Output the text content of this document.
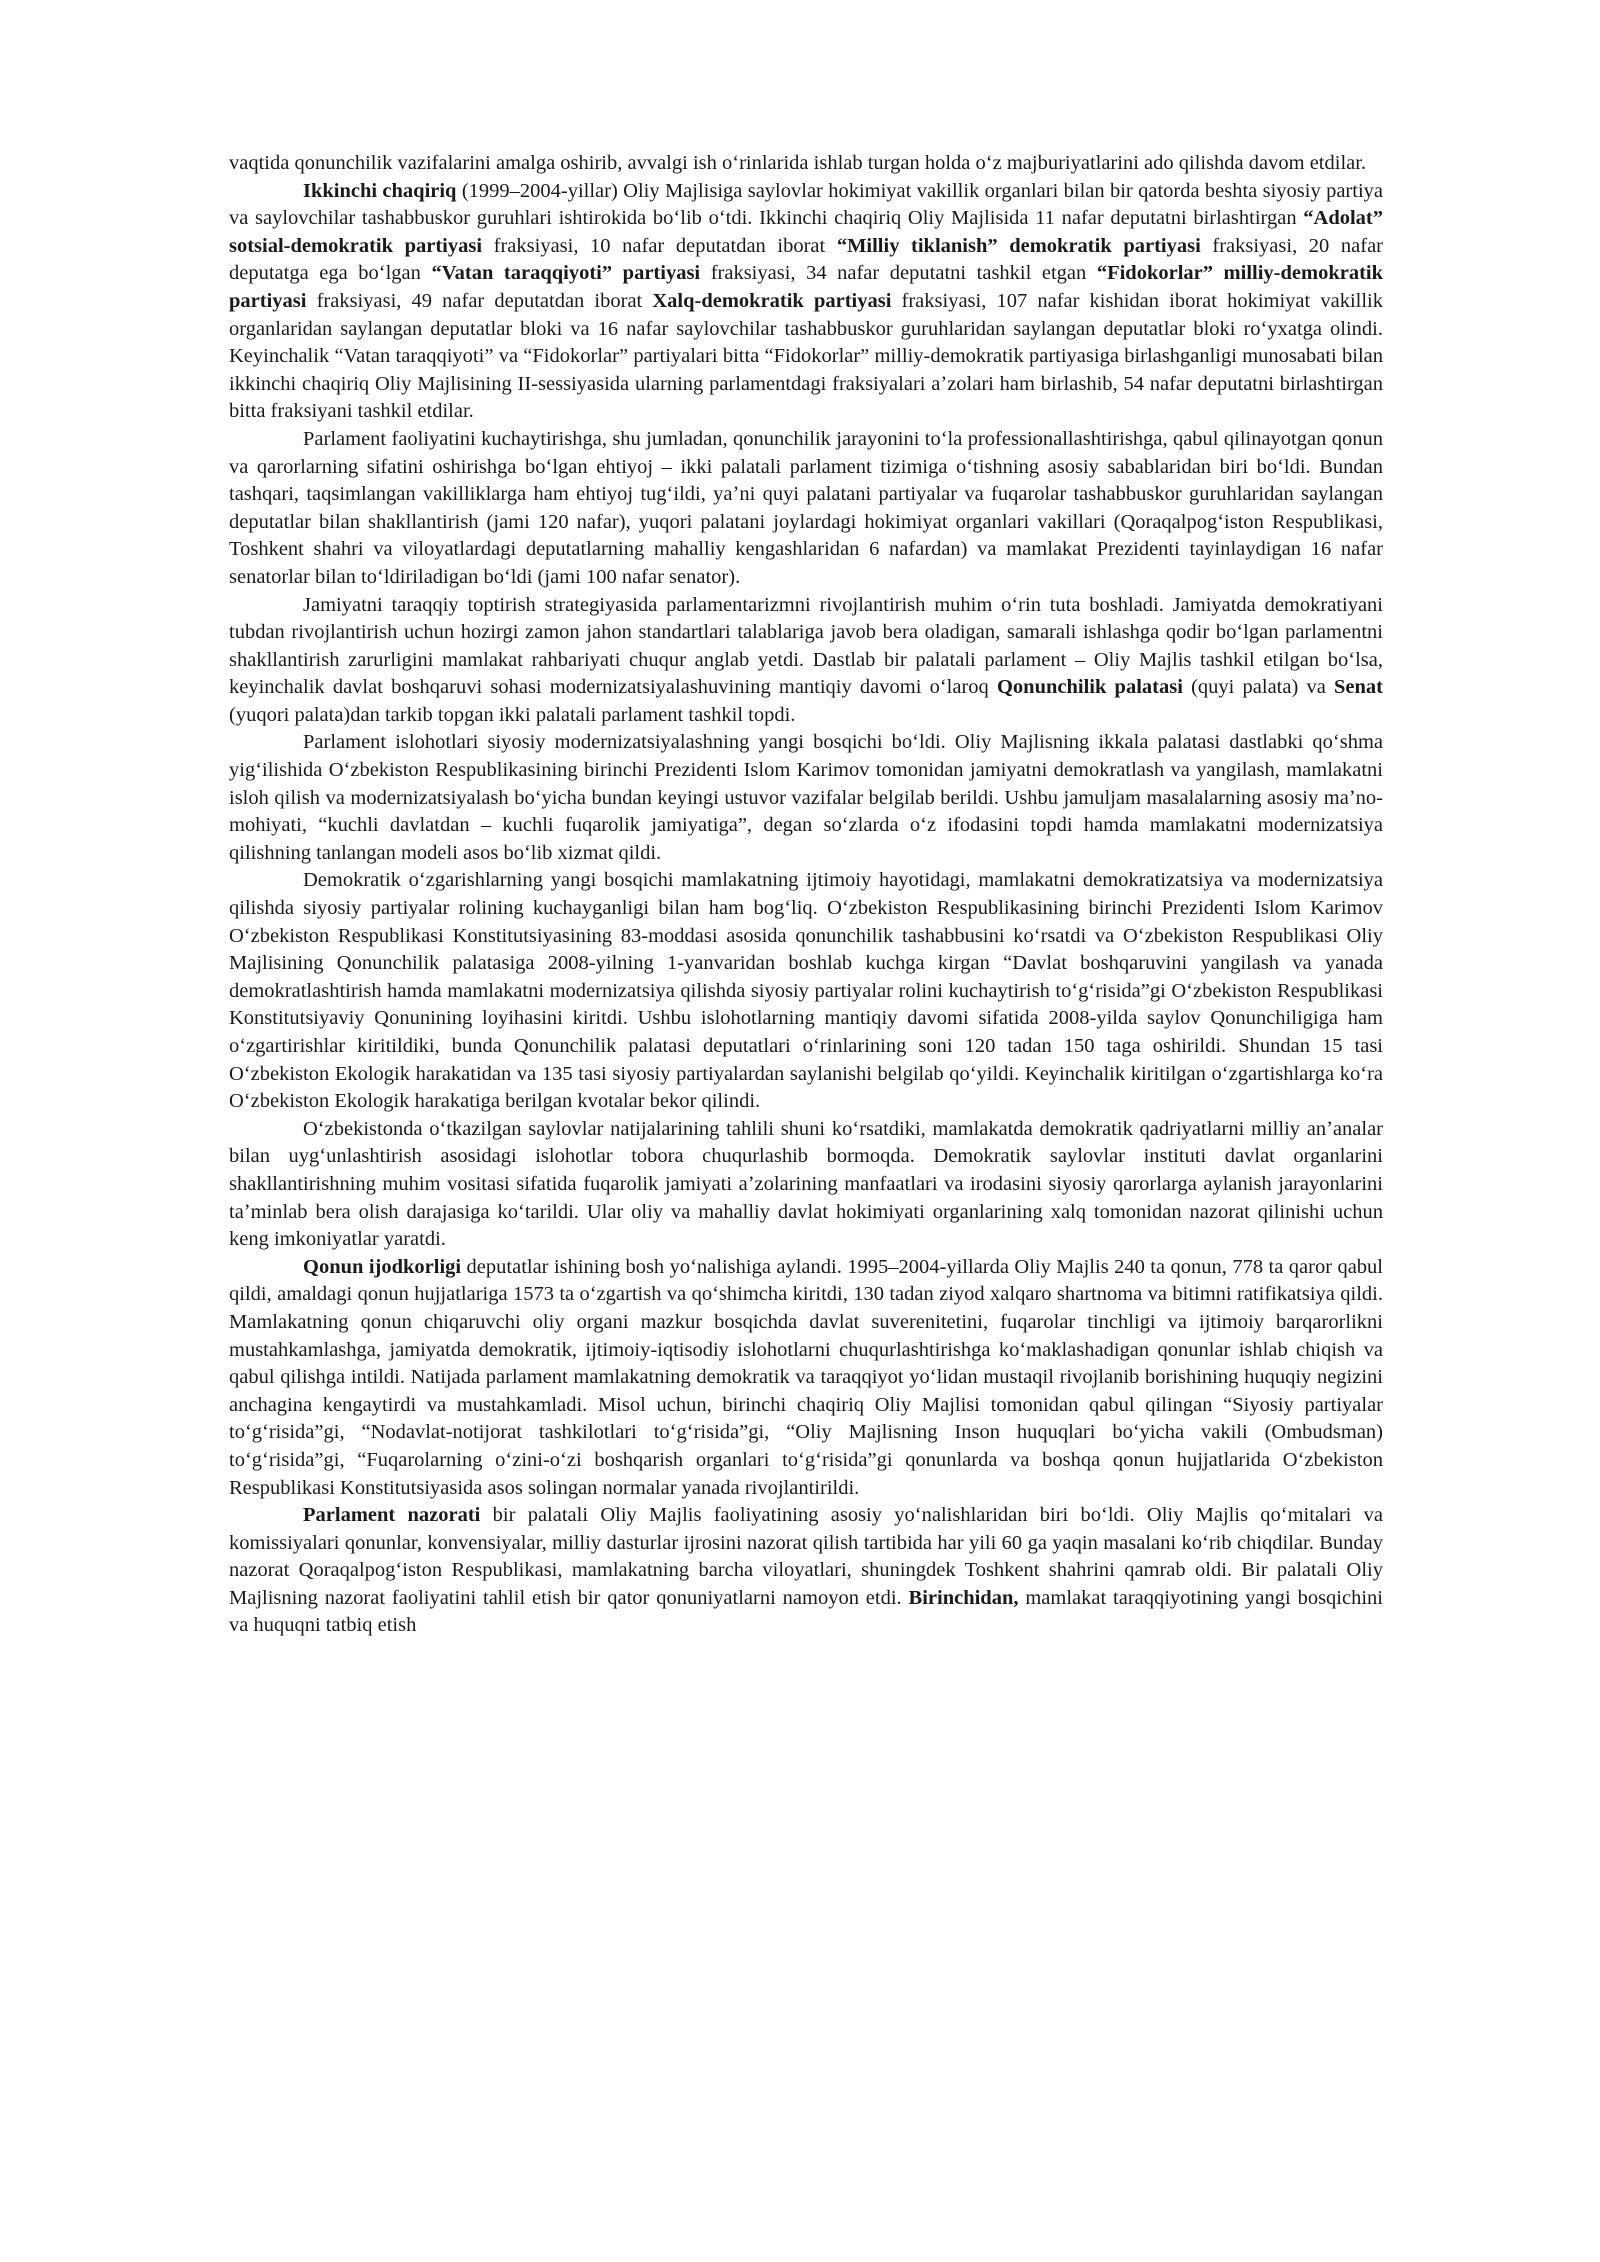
vaqtida qonunchilik vazifalarini amalga oshirib, avvalgi ish oʻrinlarida ishlab turgan holda oʻz majburiyatlarini ado qilishda davom etdilar.

Ikkinchi chaqiriq (1999–2004-yillar) Oliy Majlisiga saylovlar hokimiyat vakillik organlari bilan bir qatorda beshta siyosiy partiya va saylovchilar tashabbuskor guruhlari ishtirokida boʻlib oʻtdi. Ikkinchi chaqiriq Oliy Majlisida 11 nafar deputatni birlashtirgan “Adolat” sotsial-demokratik partiyasi fraksiyasi, 10 nafar deputatdan iborat “Milliy tiklanish” demokratik partiyasi fraksiyasi, 20 nafar deputatga ega boʻlgan “Vatan taraqqiyoti” partiyasi fraksiyasi, 34 nafar deputatni tashkil etgan “Fidokorlar” milliy-demokratik partiyasi fraksiyasi, 49 nafar deputatdan iborat Xalq-demokratik partiyasi fraksiyasi, 107 nafar kishidan iborat hokimiyat vakillik organlaridan saylangan deputatlar bloki va 16 nafar saylovchilar tashabbuskor guruhlaridan saylangan deputatlar bloki roʻyxatga olindi. Keyinchalik “Vatan taraqqiyoti” va “Fidokorlar” partiyalari bitta “Fidokorlar” milliy-demokratik partiyasiga birlashganligi munosabati bilan ikkinchi chaqiriq Oliy Majlisining II-sessiyasida ularning parlamentdagi fraksiyalari aʼzolari ham birlashib, 54 nafar deputatni birlashtirgan bitta fraksiyani tashkil etdilar.

Parlament faoliyatini kuchaytirishga, shu jumladan, qonunchilik jarayonini toʻla professionallashtirishga, qabul qilinayotgan qonun va qarorlarning sifatini oshirishga boʻlgan ehtiyoj – ikki palatali parlament tizimiga oʻtishning asosiy sabablaridan biri boʻldi. Bundan tashqari, taqsimlangan vakilliklarga ham ehtiyoj tugʻildi, yaʼni quyi palatani partiyalar va fuqarolar tashabbuskor guruhlaridan saylangan deputatlar bilan shakllantirish (jami 120 nafar), yuqori palatani joylardagi hokimiyat organlari vakillari (Qoraqalpogʻiston Respublikasi, Toshkent shahri va viloyatlardagi deputatlarning mahalliy kengashlaridan 6 nafardan) va mamlakat Prezidenti tayinlaydigan 16 nafar senatorlar bilan toʻldiriladigan boʻldi (jami 100 nafar senator).

Jamiyatni taraqqiy toptirish strategiyasida parlamentarizmni rivojlantirish muhim oʻrin tuta boshladi. Jamiyatda demokratiyani tubdan rivojlantirish uchun hozirgi zamon jahon standartlari talablariga javob bera oladigan, samarali ishlashga qodir boʻlgan parlamentni shakllantirish zarurligini mamlakat rahbariyati chuqur anglab yetdi. Dastlab bir palatali parlament – Oliy Majlis tashkil etilgan boʻlsa, keyinchalik davlat boshqaruvi sohasi modernizatsiyalashuvining mantiqiy davomi oʻlaroq Qonunchilik palatasi (quyi palata) va Senat (yuqori palata)dan tarkib topgan ikki palatali parlament tashkil topdi.

Parlament islohotlari siyosiy modernizatsiyalashning yangi bosqichi boʻldi. Oliy Majlisning ikkala palatasi dastlabki qoʻshma yigʻilishida Oʻzbekiston Respublikasining birinchi Prezidenti Islom Karimov tomonidan jamiyatni demokratlash va yangilash, mamlakatni isloh qilish va modernizatsiyalash boʻyicha bundan keyingi ustuvor vazifalar belgilab berildi. Ushbu jamuljam masalalarning asosiy maʼno-mohiyati, “kuchli davlatdan – kuchli fuqarolik jamiyatiga”, degan soʻzlarda oʻz ifodasini topdi hamda mamlakatni modernizatsiya qilishning tanlangan modeli asos boʻlib xizmat qildi.

Demokratik oʻzgarishlarning yangi bosqichi mamlakatning ijtimoiy hayotidagi, mamlakatni demokratizatsiya va modernizatsiya qilishda siyosiy partiyalar rolining kuchayganligi bilan ham bogʻliq. Oʻzbekiston Respublikasining birinchi Prezidenti Islom Karimov Oʻzbekiston Respublikasi Konstitutsiyasining 83-moddasi asosida qonunchilik tashabbusini koʻrsatdi va Oʻzbekiston Respublikasi Oliy Majlisining Qonunchilik palatasiga 2008-yilning 1-yanvaridan boshlab kuchga kirgan “Davlat boshqaruvini yangilash va yanada demokratlashtirish hamda mamlakatni modernizatsiya qilishda siyosiy partiyalar rolini kuchaytirish toʻgʻrisida”gi Oʻzbekiston Respublikasi Konstitutsiyaviy Qonunining loyihasini kiritdi. Ushbu islohotlarning mantiqiy davomi sifatida 2008-yilda saylov Qonunchiligiga ham oʻzgartirishlar kiritildiki, bunda Qonunchilik palatasi deputatlari oʻrinlarining soni 120 tadan 150 taga oshirildi. Shundan 15 tasi Oʻzbekiston Ekologik harakatidan va 135 tasi siyosiy partiyalardan saylanishi belgilab qoʻyildi. Keyinchalik kiritilgan oʻzgartishlarga koʻra Oʻzbekiston Ekologik harakatiga berilgan kvotalar bekor qilindi.

Oʻzbekistonda oʻtkazilgan saylovlar natijalarining tahlili shuni koʻrsatdiki, mamlakatda demokratik qadriyatlarni milliy anʼanalar bilan uygʻunlashtirish asosidagi islohotlar tobora chuqurlashib bormoqda. Demokratik saylovlar instituti davlat organlarini shakllantirishning muhim vositasi sifatida fuqarolik jamiyati aʼzolarining manfaatlari va irodasini siyosiy qarorlarga aylanish jarayonlarini taʼminlab bera olish darajasiga koʻtarildi. Ular oliy va mahalliy davlat hokimiyati organlarining xalq tomonidan nazorat qilinishi uchun keng imkoniyatlar yaratdi.

Qonun ijodkorligi deputatlar ishining bosh yoʻnalishiga aylandi. 1995–2004-yillarda Oliy Majlis 240 ta qonun, 778 ta qaror qabul qildi, amaldagi qonun hujjatlariga 1573 ta oʻzgartish va qoʻshimcha kiritdi, 130 tadan ziyod xalqaro shartnoma va bitimni ratifikatsiya qildi. Mamlakatning qonun chiqaruvchi oliy organi mazkur bosqichda davlat suverenitetini, fuqarolar tinchligi va ijtimoiy barqarorlikni mustahkamlashga, jamiyatda demokratik, ijtimoiy-iqtisodiy islohotlarni chuqurlashtirishga koʻmaklashadigan qonunlar ishlab chiqish va qabul qilishga intildi. Natijada parlament mamlakatning demokratik va taraqqiyot yoʻlidan mustaqil rivojlanib borishining huquqiy negizini anchagina kengaytirdi va mustahkamladi. Misol uchun, birinchi chaqiriq Oliy Majlisi tomonidan qabul qilingan “Siyosiy partiyalar toʻgʻrisida”gi, “Nodavlat-notijorat tashkilotlari toʻgʻrisida”gi, “Oliy Majlisning Inson huquqlari boʻyicha vakili (Ombudsman) toʻgʻrisida”gi, “Fuqarolarning oʻzini-oʻzi boshqarish organlari toʻgʻrisida”gi qonunlarda va boshqa qonun hujjatlarida Oʻzbekiston Respublikasi Konstitutsiyasida asos solingan normalar yanada rivojlantirildi.

Parlament nazorati bir palatali Oliy Majlis faoliyatining asosiy yoʻnalishlaridan biri boʻldi. Oliy Majlis qoʻmitalari va komissiyalari qonunlar, konvensiyalar, milliy dasturlar ijrosini nazorat qilish tartibida har yili 60 ga yaqin masalani koʻrib chiqdilar. Bunday nazorat Qoraqalpogʻiston Respublikasi, mamlakatning barcha viloyatlari, shuningdek Toshkent shahrini qamrab oldi. Bir palatali Oliy Majlisning nazorat faoliyatini tahlil etish bir qator qonuniyatlarni namoyon etdi. Birinchidan, mamlakat taraqqiyotining yangi bosqichini va huquqni tatbiq etish
